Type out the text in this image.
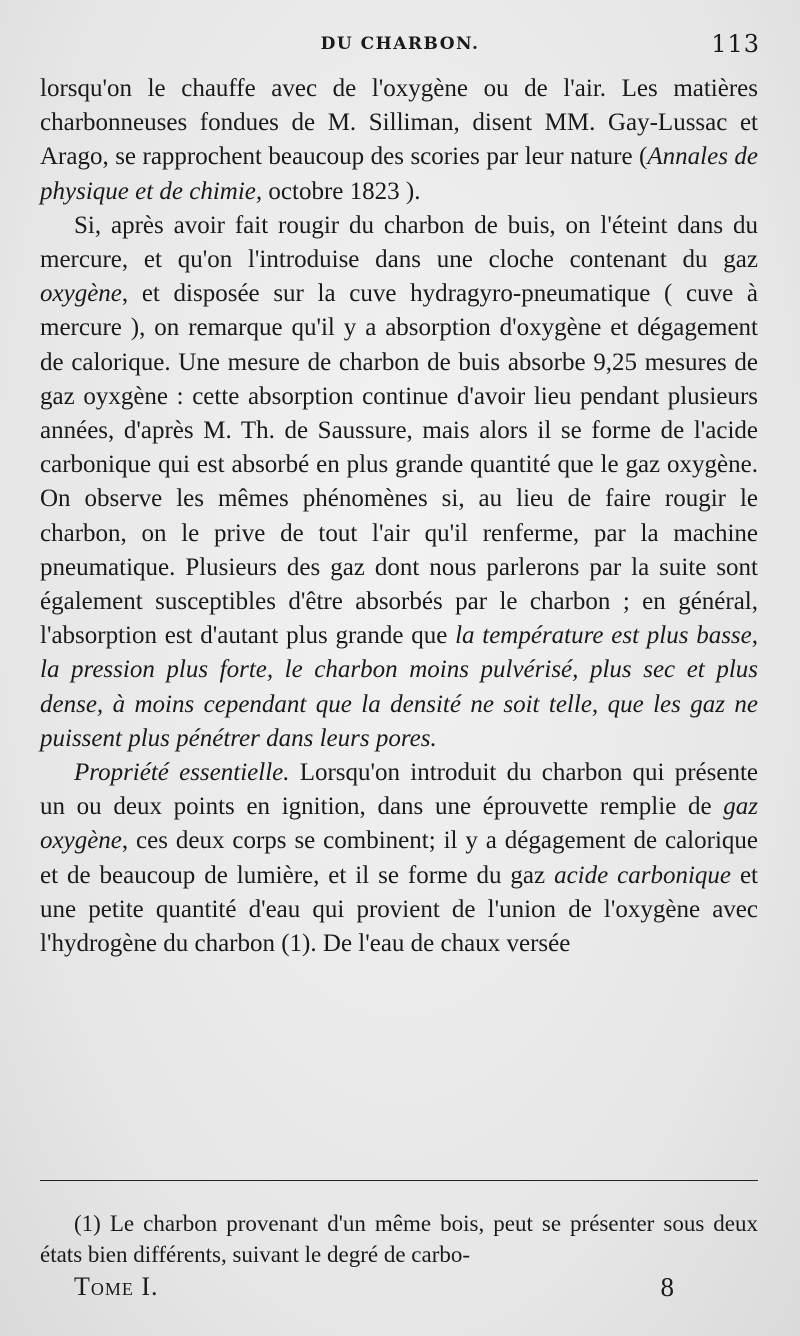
DU CHARBON.	113

lorsqu'on le chauffe avec de l'oxygène ou de l'air. Les matières charbonneuses fondues de M. Silliman, disent MM. Gay-Lussac et Arago, se rapprochent beaucoup des scories par leur nature (Annales de physique et de chimie, octobre 1823 ).

Si, après avoir fait rougir du charbon de buis, on l'éteint dans du mercure, et qu'on l'introduise dans une cloche contenant du gaz oxygène, et disposée sur la cuve hydragyro-pneumatique ( cuve à mercure ), on remarque qu'il y a absorption d'oxygène et dégagement de calorique. Une mesure de charbon de buis absorbe 9,25 mesures de gaz oyxgène : cette absorption continue d'avoir lieu pendant plusieurs années, d'après M. Th. de Saussure, mais alors il se forme de l'acide carbonique qui est absorbé en plus grande quantité que le gaz oxygène. On observe les mêmes phénomènes si, au lieu de faire rougir le charbon, on le prive de tout l'air qu'il renferme, par la machine pneumatique. Plusieurs des gaz dont nous parlerons par la suite sont également susceptibles d'être absorbés par le charbon ; en général, l'absorption est d'autant plus grande que la température est plus basse, la pression plus forte, le charbon moins pulvérisé, plus sec et plus dense, à moins cependant que la densité ne soit telle, que les gaz ne puissent plus pénétrer dans leurs pores.

Propriété essentielle. Lorsqu'on introduit du charbon qui présente un ou deux points en ignition, dans une éprouvette remplie de gaz oxygène, ces deux corps se combinent; il y a dégagement de calorique et de beaucoup de lumière, et il se forme du gaz acide carbonique et une petite quantité d'eau qui provient de l'union de l'oxygène avec l'hydrogène du charbon (1). De l'eau de chaux versée

(1) Le charbon provenant d'un même bois, peut se présenter sous deux états bien différents, suivant le degré de carbo-
Tome I.	8
